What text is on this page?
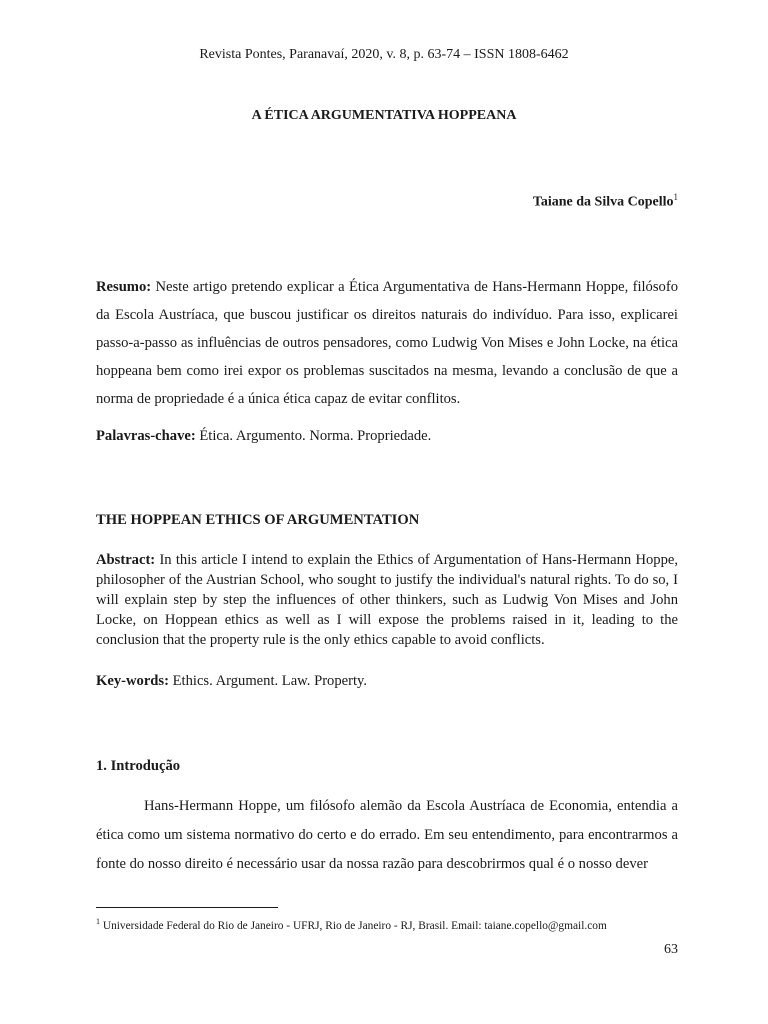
Revista Pontes, Paranavaí, 2020, v. 8, p. 63-74 – ISSN 1808-6462
A ÉTICA ARGUMENTATIVA HOPPEANA
Taiane da Silva Copello$^1$
Resumo: Neste artigo pretendo explicar a Ética Argumentativa de Hans-Hermann Hoppe, filósofo da Escola Austríaca, que buscou justificar os direitos naturais do indivíduo. Para isso, explicarei passo-a-passo as influências de outros pensadores, como Ludwig Von Mises e John Locke, na ética hoppeana bem como irei expor os problemas suscitados na mesma, levando a conclusão de que a norma de propriedade é a única ética capaz de evitar conflitos.
Palavras-chave: Ética. Argumento. Norma. Propriedade.
THE HOPPEAN ETHICS OF ARGUMENTATION
Abstract: In this article I intend to explain the Ethics of Argumentation of Hans-Hermann Hoppe, philosopher of the Austrian School, who sought to justify the individual's natural rights. To do so, I will explain step by step the influences of other thinkers, such as Ludwig Von Mises and John Locke, on Hoppean ethics as well as I will expose the problems raised in it, leading to the conclusion that the property rule is the only ethics capable to avoid conflicts.
Key-words: Ethics. Argument. Law. Property.
1. Introdução
Hans-Hermann Hoppe, um filósofo alemão da Escola Austríaca de Economia, entendia a ética como um sistema normativo do certo e do errado. Em seu entendimento, para encontrarmos a fonte do nosso direito é necessário usar da nossa razão para descobrirmos qual é o nosso dever
$^1$ Universidade Federal do Rio de Janeiro - UFRJ, Rio de Janeiro - RJ, Brasil. Email: taiane.copello@gmail.com
63
